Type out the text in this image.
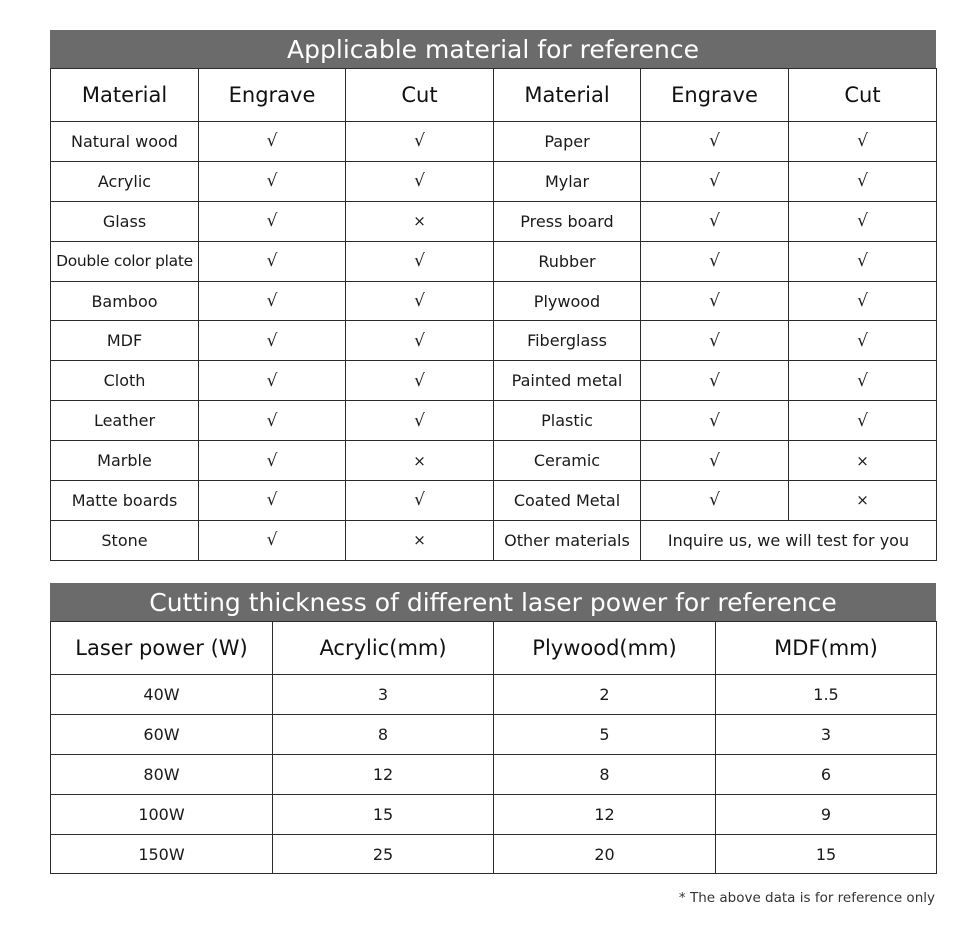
Applicable material for reference
Material	Engrave	Cut	Material	Engrave	Cut
Natural wood	√	√	Paper	√	√
Acrylic	√	√	Mylar	√	√
Glass	√	×	Press board	√	√
Double color plate	√	√	Rubber	√	√
Bamboo	√	√	Plywood	√	√
MDF	√	√	Fiberglass	√	√
Cloth	√	√	Painted metal	√	√
Leather	√	√	Plastic	√	√
Marble	√	×	Ceramic	√	×
Matte boards	√	√	Coated Metal	√	×
Stone	√	×	Other materials	Inquire us, we will test for you	
Cutting thickness of different laser power for reference
Laser power (W)	Acrylic(mm)	Plywood(mm)	MDF(mm)
40W	3	2	1.5
60W	8	5	3
80W	12	8	6
100W	15	12	9
150W	25	20	15
* The above data is for reference only
